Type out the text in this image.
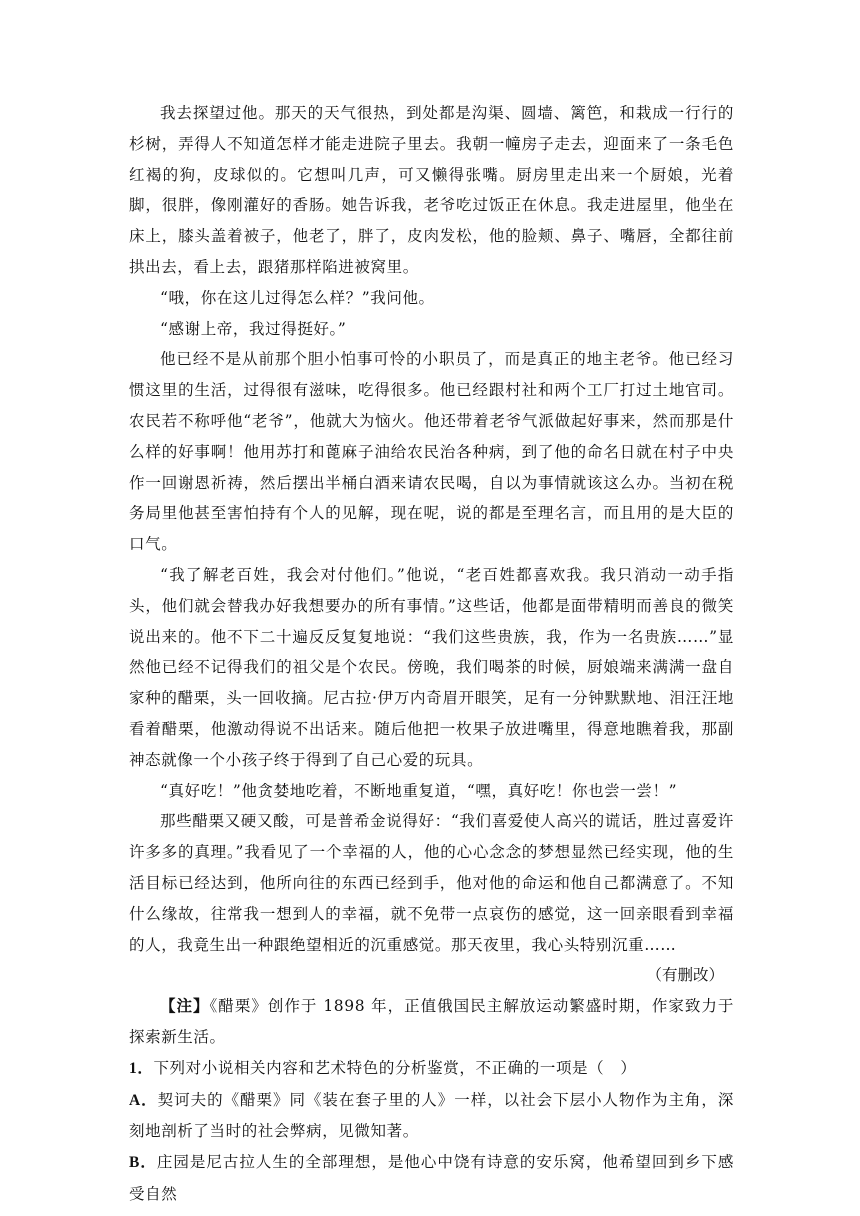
我去探望过他。那天的天气很热，到处都是沟渠、圆墙、篱笆，和栽成一行行的杉树，弄得人不知道怎样才能走进院子里去。我朝一幢房子走去，迎面来了一条毛色红褐的狗，皮球似的。它想叫几声，可又懒得张嘴。厨房里走出来一个厨娘，光着脚，很胖，像刚灌好的香肠。她告诉我，老爷吃过饭正在休息。我走进屋里，他坐在床上，膝头盖着被子，他老了，胖了，皮肉发松，他的脸颊、鼻子、嘴唇，全都往前拱出去，看上去，跟猪那样陷进被窝里。

“哦，你在这儿过得怎么样？”我问他。

“感谢上帝，我过得挺好。”

他已经不是从前那个胆小怕事可怜的小职员了，而是真正的地主老爷。他已经习惯这里的生活，过得很有滋味，吃得很多。他已经跟村社和两个工厂打过土地官司。农民若不称呼他“老爷”，他就大为恼火。他还带着老爷气派做起好事来，然而那是什么样的好事啊！他用苏打和蓖麻子油给农民治各种病，到了他的命名日就在村子中央作一回谢恩祈祷，然后摆出半桶白酒来请农民喝，自以为事情就该这么办。当初在税务局里他甚至害怕持有个人的见解，现在呢，说的都是至理名言，而且用的是大臣的口气。

“我了解老百姓，我会对付他们。”他说，“老百姓都喜欢我。我只消动一动手指头，他们就会替我办好我想要办的所有事情。”这些话，他都是面带精明而善良的微笑说出来的。他不下二十遍反反复复地说：“我们这些贵族，我，作为一名贵族……”显然他已经不记得我们的祖父是个农民。傍晚，我们喝茶的时候，厨娘端来满满一盘自家种的醋栗，头一回收摘。尼古拉·伊万内奇眉开眼笑，足有一分钟默默地、泪汪汪地看着醋栗，他激动得说不出话来。随后他把一枚果子放进嘴里，得意地瞧着我，那副神态就像一个小孩子终于得到了自己心爱的玩具。

“真好吃！”他贪婪地吃着，不断地重复道，“嘿，真好吃！你也尝一尝！”

那些醋栗又硬又酸，可是普希金说得好：“我们喜爱使人高兴的谎话，胜过喜爱许许多多的真理。”我看见了一个幸福的人，他的心心念念的梦想显然已经实现，他的生活目标已经达到，他所向往的东西已经到手，他对他的命运和他自己都满意了。不知什么缘故，往常我一想到人的幸福，就不免带一点哀伤的感觉，这一回亲眼看到幸福的人，我竟生出一种跟绝望相近的沉重感觉。那天夜里，我心头特别沉重……

（有删改）

【注】《醋栗》创作于 1898 年，正值俄国民主解放运动繁盛时期，作家致力于探索新生活。

1．下列对小说相关内容和艺术特色的分析鉴赏，不正确的一项是（　）

A．契诃夫的《醋栗》同《装在套子里的人》一样，以社会下层小人物作为主角，深刻地剖析了当时的社会弊病，见微知著。

B．庄园是尼古拉人生的全部理想，是他心中饶有诗意的安乐窝，他希望回到乡下感受自然
